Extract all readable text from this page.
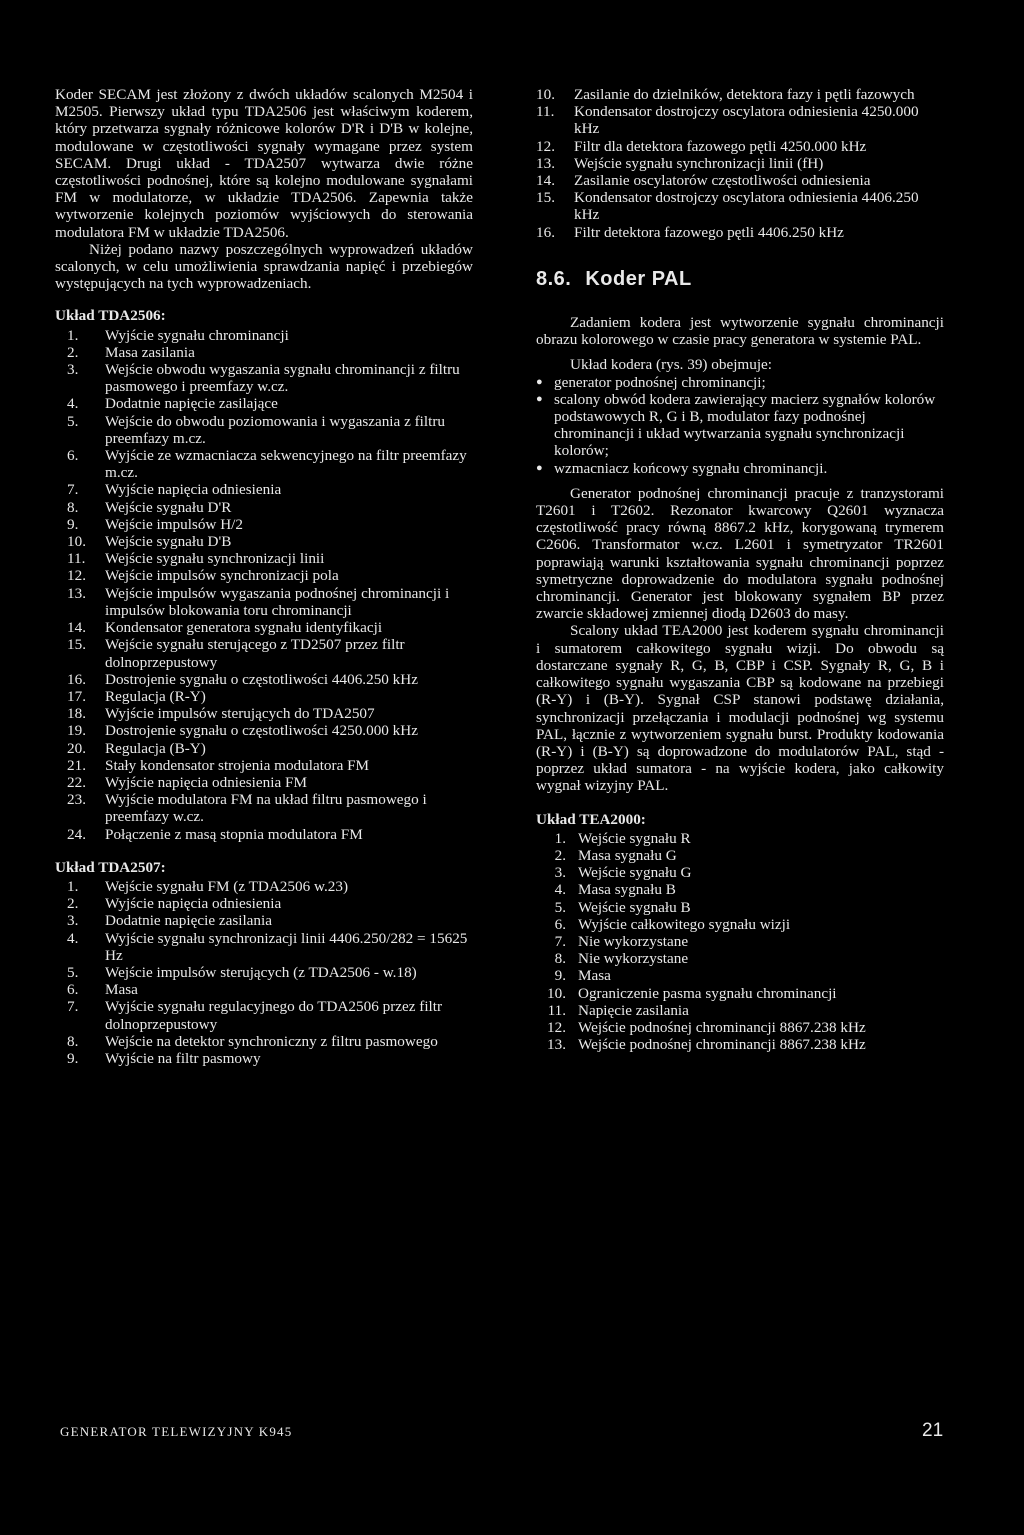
Koder SECAM jest złożony z dwóch układów scalonych M2504 i M2505. Pierwszy układ typu TDA2506 jest właściwym koderem, który przetwarza sygnały różnicowe kolorów D'R i D'B w kolejne, modulowane w częstotliwości sygnały wymagane przez system SECAM. Drugi układ - TDA2507 wytwarza dwie różne częstotliwości podnośnej, które są kolejno modulowane sygnałami FM w modulatorze, w układzie TDA2506. Zapewnia także wytworzenie kolejnych poziomów wyjściowych do sterowania modulatora FM w układzie TDA2506.

Niżej podano nazwy poszczególnych wyprowadzeń układów scalonych, w celu umożliwienia sprawdzania napięć i przebiegów występujących na tych wyprowadzeniach.

Układ TDA2506:
1.	Wyjście sygnału chrominancji
2.	Masa zasilania
3.	Wejście obwodu wygaszania sygnału chrominancji z filtru pasmowego i preemfazy w.cz.
4.	Dodatnie napięcie zasilające
5.	Wejście do obwodu poziomowania i wygaszania z filtru preemfazy m.cz.
6.	Wyjście ze wzmacniacza sekwencyjnego na filtr preemfazy m.cz.
7.	Wyjście napięcia odniesienia
8.	Wejście sygnału D'R
9.	Wejście impulsów H/2
10.	Wejście sygnału D'B
11.	Wejście sygnału synchronizacji linii
12.	Wejście impulsów synchronizacji pola
13.	Wejście impulsów wygaszania podnośnej chrominancji i impulsów blokowania toru chrominancji
14.	Kondensator generatora sygnału identyfikacji
15.	Wejście sygnału sterującego z TD2507 przez filtr dolnoprzepustowy
16.	Dostrojenie sygnału o częstotliwości 4406.250 kHz
17.	Regulacja (R-Y)
18.	Wyjście impulsów sterujących do TDA2507
19.	Dostrojenie sygnału o częstotliwości 4250.000 kHz
20.	Regulacja (B-Y)
21.	Stały kondensator strojenia modulatora FM
22.	Wyjście napięcia odniesienia FM
23.	Wyjście modulatora FM na układ filtru pasmowego i preemfazy w.cz.
24.	Połączenie z masą stopnia modulatora FM
Układ TDA2507:
1.	Wejście sygnału FM (z TDA2506 w.23)
2.	Wyjście napięcia odniesienia
3.	Dodatnie napięcie zasilania
4.	Wyjście sygnału synchronizacji linii 4406.250/282 = 15625 Hz
5.	Wejście impulsów sterujących (z TDA2506 - w.18)
6.	Masa
7.	Wyjście sygnału regulacyjnego do TDA2506 przez filtr dolnoprzepustowy
8.	Wejście na detektor synchroniczny z filtru pasmowego
9.	Wyjście na filtr pasmowy
10.	Zasilanie do dzielników, detektora fazy i pętli fazowych
11.	Kondensator dostrojczy oscylatora odniesienia 4250.000 kHz
12.	Filtr dla detektora fazowego pętli 4250.000 kHz
13.	Wejście sygnału synchronizacji linii (fH)
14.	Zasilanie oscylatorów częstotliwości odniesienia
15.	Kondensator dostrojczy oscylatora odniesienia 4406.250 kHz
16.	Filtr detektora fazowego pętli 4406.250 kHz
8.6. Koder PAL

Zadaniem kodera jest wytworzenie sygnału chrominancji obrazu kolorowego w czasie pracy generatora w systemie PAL.

Układ kodera (rys. 39) obejmuje:

● generator podnośnej chrominancji;
● scalony obwód kodera zawierający macierz sygnałów kolorów podstawowych R, G i B, modulator fazy podnośnej chrominancji i układ wytwarzania sygnału synchronizacji kolorów;
● wzmacniacz końcowy sygnału chrominancji.

Generator podnośnej chrominancji pracuje z tranzystorami T2601 i T2602. Rezonator kwarcowy Q2601 wyznacza częstotliwość pracy równą 8867.2 kHz, korygowaną trymerem C2606. Transformator w.cz. L2601 i symetryzator TR2601 poprawiają warunki kształtowania sygnału chrominancji poprzez symetryczne doprowadzenie do modulatora sygnału podnośnej chrominancji. Generator jest blokowany sygnałem BP przez zwarcie składowej zmiennej diodą D2603 do masy.

Scalony układ TEA2000 jest koderem sygnału chrominancji i sumatorem całkowitego sygnału wizji. Do obwodu są dostarczane sygnały R, G, B, CBP i CSP. Sygnały R, G, B i całkowitego sygnału wygaszania CBP są kodowane na przebiegi (R-Y) i (B-Y). Sygnał CSP stanowi podstawę działania, synchronizacji przełączania i modulacji podnośnej wg systemu PAL, łącznie z wytworzeniem sygnału burst. Produkty kodowania (R-Y) i (B-Y) są doprowadzone do modulatorów PAL, stąd - poprzez układ sumatora - na wyjście kodera, jako całkowity wygnał wizyjny PAL.

Układ TEA2000:
1. Wejście sygnału R
2. Masa sygnału G
3. Wejście sygnału G
4. Masa sygnału B
5. Wejście sygnału B
6. Wyjście całkowitego sygnału wizji
7. Nie wykorzystane
8. Nie wykorzystane
9. Masa
10. Ograniczenie pasma sygnału chrominancji
11. Napięcie zasilania
12. Wejście podnośnej chrominancji 8867.238 kHz
13. Wejście podnośnej chrominancji 8867.238 kHz
GENERATOR TELEWIZYJNY K945	21
